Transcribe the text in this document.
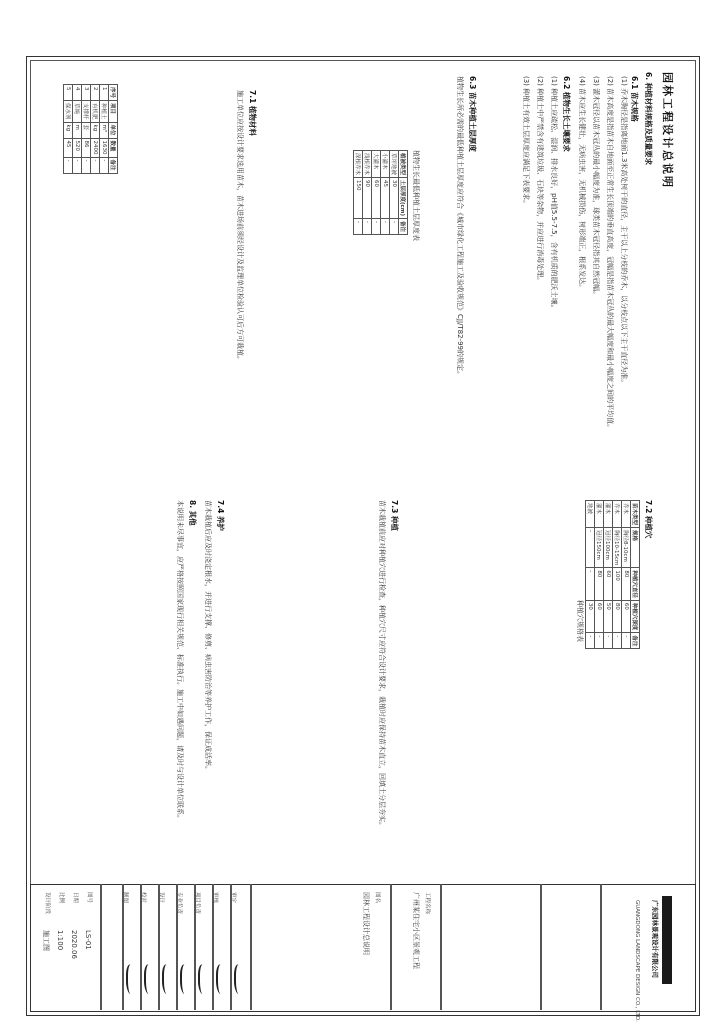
园林工程设计总说明
6. 种植材料规格及质量要求
6.1 苗木规格
(1) 乔木胸径是指离地面1.3米高处树干的直径，主干以上分枝的乔木，以分枝点以下主干直径为准。
(2) 苗木高度是指苗木自地面至正常生长顶端的垂直高度，冠幅是指苗木冠丛的最大幅度和最小幅度之间的平均值。
(3) 灌木冠径以苗木冠丛的最小幅度为准，球类苗木冠径指其自然冠幅。
(4) 苗木应生长健壮，无病虫害，无机械损伤，树形端正，根系发达。
6.2 植物生长土壤要求
(1) 种植土应疏松、湿润、排水良好，pH值5.5-7.5，含有机质的肥沃土壤。
(2) 种植土中严禁含有建筑垃圾、石块等杂物，并应进行消毒处理。
(3) 种植土有效土层厚度应满足下表要求。
6.3 苗木种植土层厚度
植物生长所必需的最低种植土层厚度应符合《城市绿化工程施工及验收规范》CJJ/T82-99的规定。
植物生长最低种植土层厚度表
植被类型	土层厚度(cm)	备注
草坪地被	30	-
小灌木	45	-
大灌木	60	-
浅根乔木	90	-
深根乔木	150	-
施工单位应按设计要求选用苗木，苗木进场前须经设计及监理单位检验认可后方可栽植。 7.1 植物材料
序号	项目	单位	数量	备注
1	种植土	m³	1630	-
2	有机肥	kg	2400	-
3	支撑杆	套	86	-
4	草绳	m	520	-
5	保水剂	kg	45	-
7.2 种植穴
苗木类型	规格	种植穴直径	种植穴深度	备注
乔木	胸径8-10cm	80	60	-
乔木	胸径10-15cm	100	80	-
灌木	冠径100cm	60	50	-
灌木	冠径150cm	80	60	-
地被	-	-	30	-
种植穴规格表
7.3 种植
苗木栽植前应对种植穴进行检查，种植穴尺寸应符合设计要求，栽植时应保持苗木直立，回填土分层夯实。
7.4 养护
苗木栽植后应及时浇定根水，并进行支撑、修剪、病虫害防治等养护工作，保证成活率。
8. 其他
本说明未尽事宜，应严格按照国家现行相关规范、标准执行。施工中如遇问题，请及时与设计单位联系。
广东园林景观设计有限公司
GUANGDONG LANDSCAPE DESIGN CO., LTD.
工程名称
广州某住宅小区景观工程
图名
园林工程设计总说明
审定
审核
项目负责
专业负责
设计
校对
制图
图号
LS-01
日期
2020.06
比例
1:100
设计阶段
施工图
